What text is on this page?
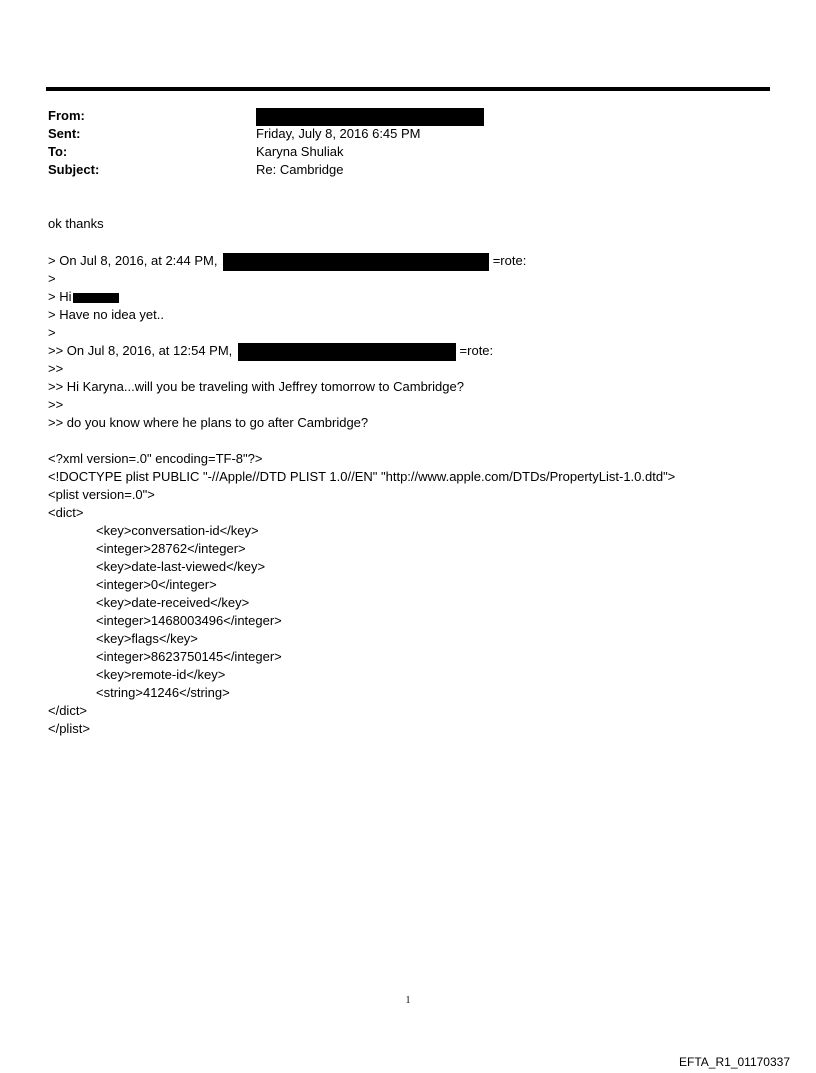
From:
Sent:	Friday, July 8, 2016 6:45 PM
To:	Karyna Shuliak
Subject:	Re: Cambridge
ok thanks
> On Jul 8, 2016, at 2:44 PM,	=rote:
>
> Hi
> Have no idea yet..
>
>> On Jul 8, 2016, at 12:54 PM,	=rote:
>>
>> Hi Karyna...will you be traveling with Jeffrey tomorrow to Cambridge?
>>
>> do you know where he plans to go after Cambridge?
<?xml version=.0" encoding=TF-8"?>
<!DOCTYPE plist PUBLIC "-//Apple//DTD PLIST 1.0//EN" "http://www.apple.com/DTDs/PropertyList-1.0.dtd">
<plist version=.0">
<dict>
<key>conversation-id</key>
<integer>28762</integer>
<key>date-last-viewed</key>
<integer>0</integer>
<key>date-received</key>
<integer>1468003496</integer>
<key>flags</key>
<integer>8623750145</integer>
<key>remote-id</key>
<string>41246</string>
</dict>
</plist>
1
EFTA_R1_01170337
